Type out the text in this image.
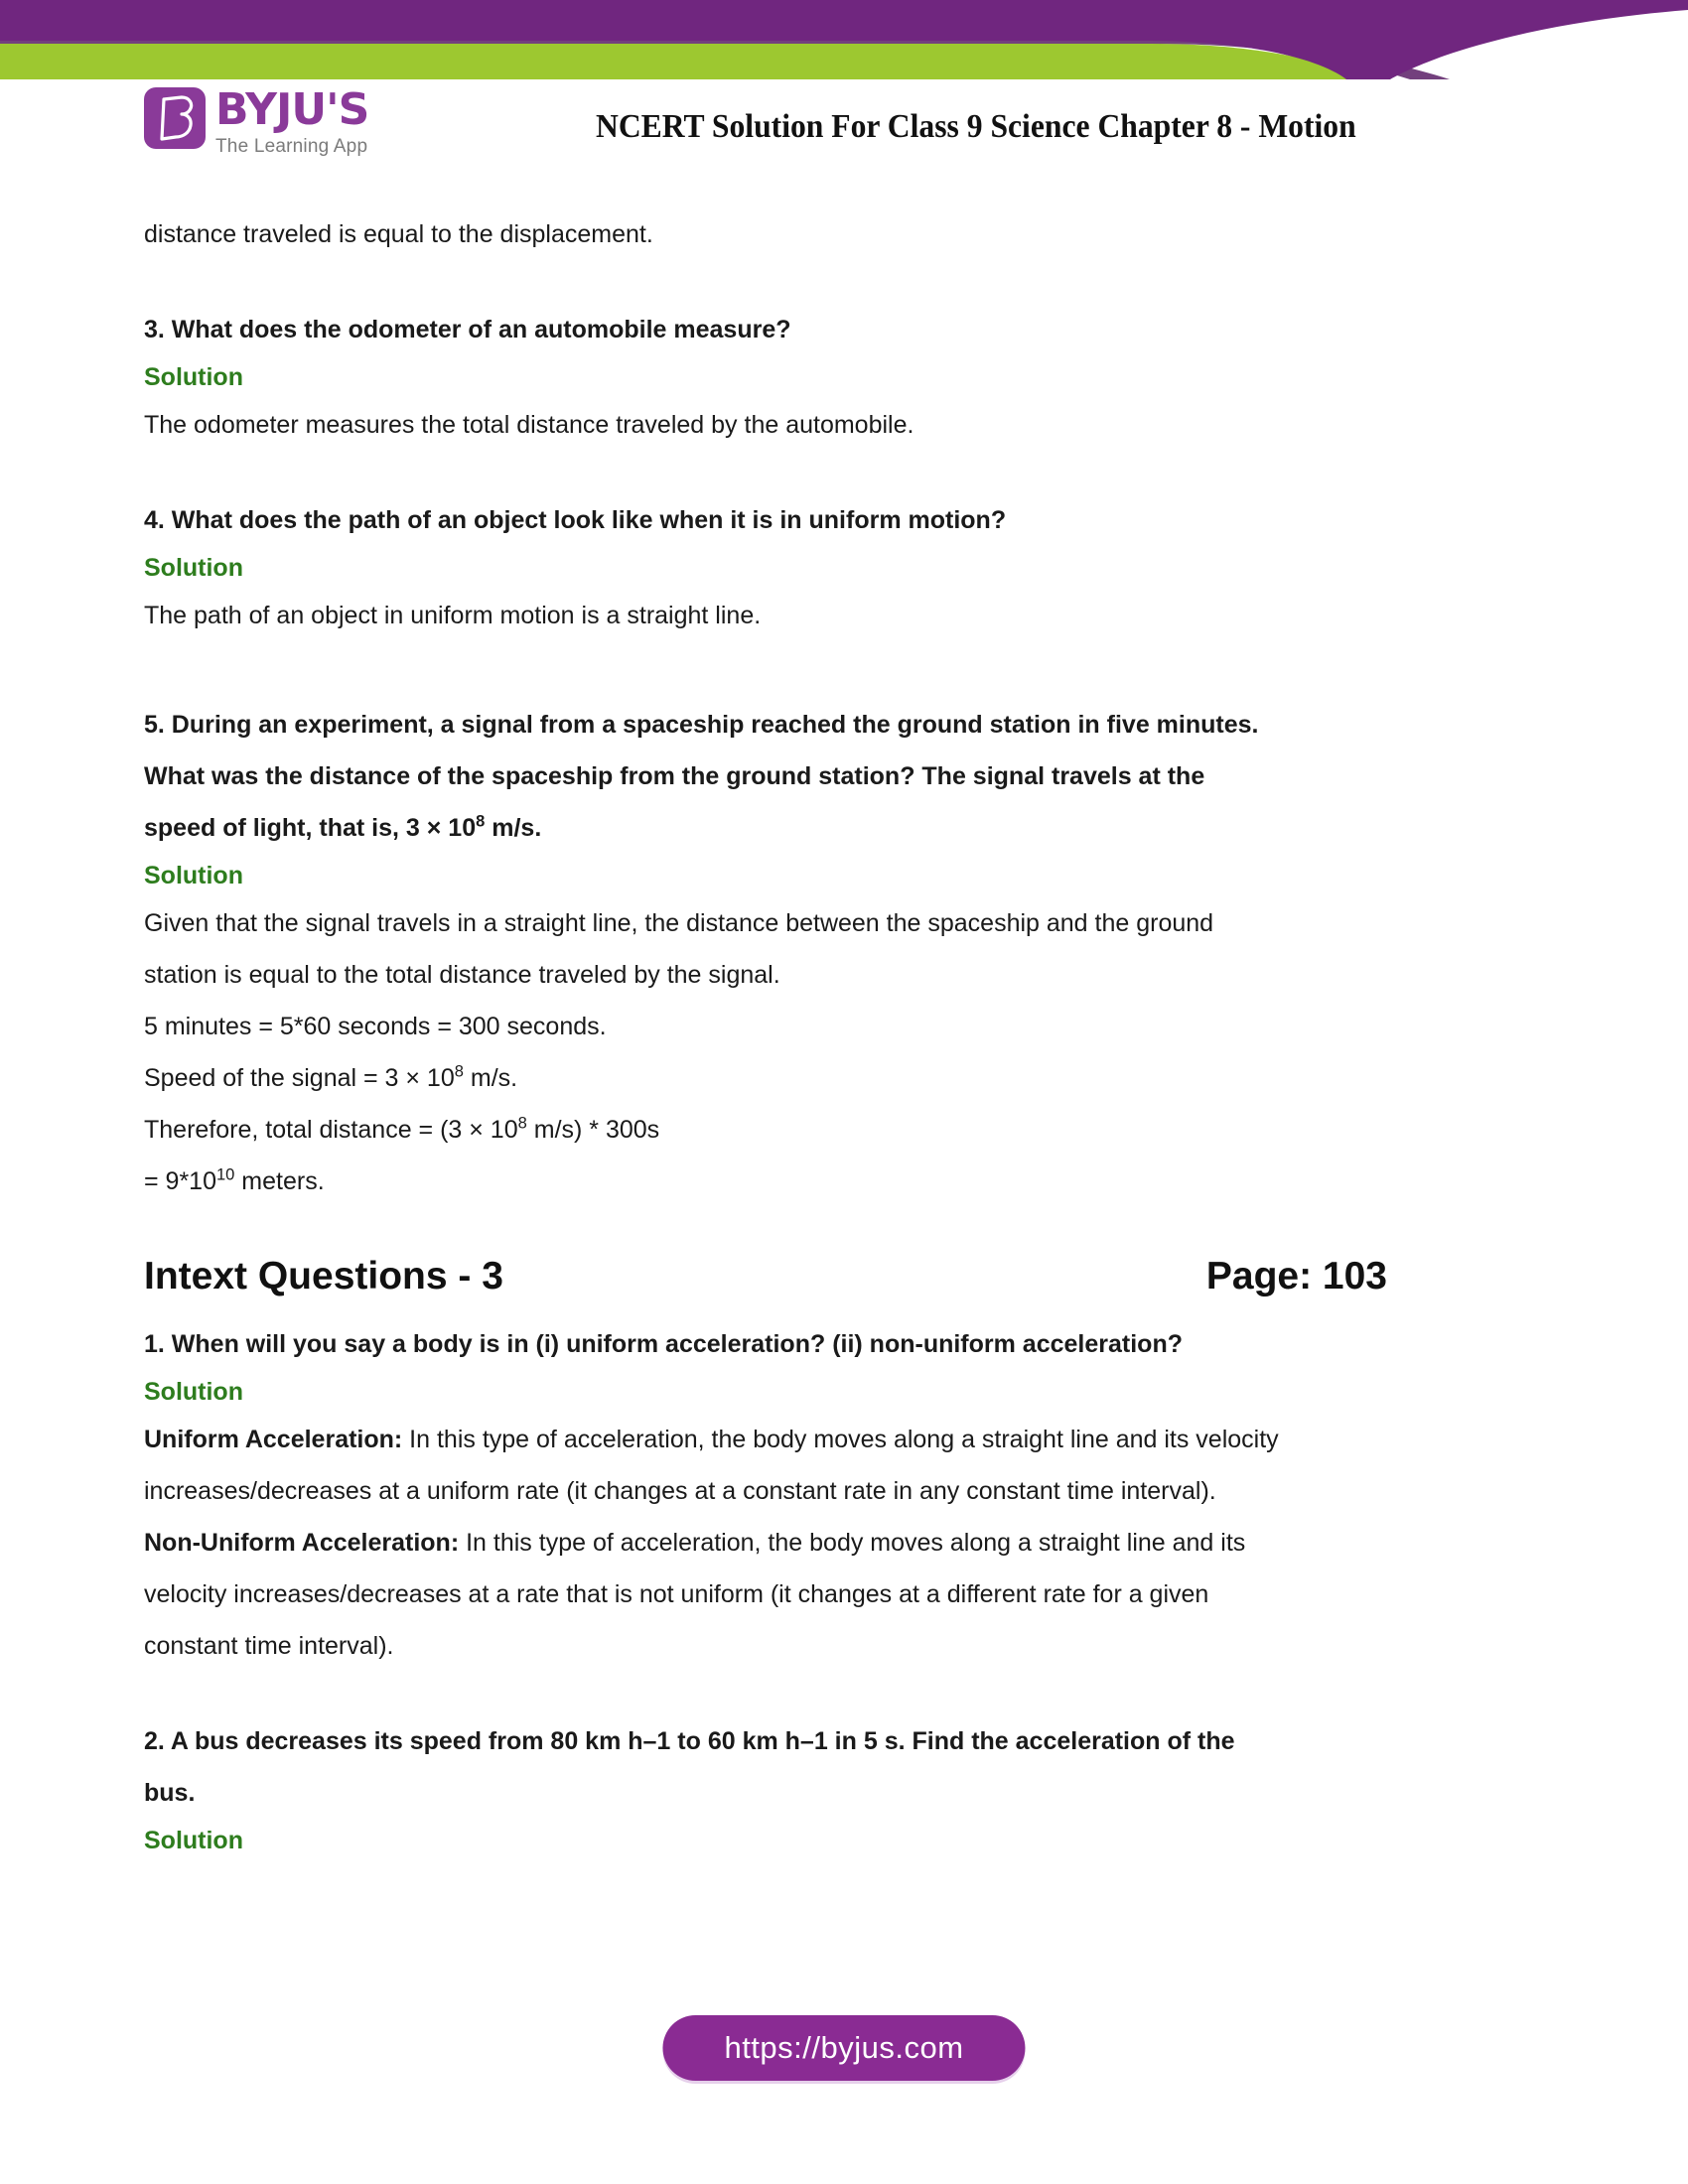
BYJU'S
The Learning App
NCERT Solution For Class 9 Science Chapter 8 - Motion

distance traveled is equal to the displacement.

3. What does the odometer of an automobile measure?

Solution

The odometer measures the total distance traveled by the automobile.

4. What does the path of an object look like when it is in uniform motion?

Solution

The path of an object in uniform motion is a straight line.

5. During an experiment, a signal from a spaceship reached the ground station in five minutes.

What was the distance of the spaceship from the ground station? The signal travels at the

speed of light, that is, $3 \times 10^8$ m/s.

Solution

Given that the signal travels in a straight line, the distance between the spaceship and the ground

station is equal to the total distance traveled by the signal.

5 minutes = 5*60 seconds = 300 seconds.

Speed of the signal = $3 \times 10^8$ m/s.

Therefore, total distance = ($3 \times 10^8$ m/s) * 300s

= $9*10^{10}$ meters.

Intext Questions - 3	Page: 103

1. When will you say a body is in (i) uniform acceleration? (ii) non-uniform acceleration?

Solution

Uniform Acceleration: In this type of acceleration, the body moves along a straight line and its velocity

increases/decreases at a uniform rate (it changes at a constant rate in any constant time interval).

Non-Uniform Acceleration: In this type of acceleration, the body moves along a straight line and its

velocity increases/decreases at a rate that is not uniform (it changes at a different rate for a given

constant time interval).

2. A bus decreases its speed from 80 km h–1 to 60 km h–1 in 5 s. Find the acceleration of the

bus.

Solution

https://byjus.com
